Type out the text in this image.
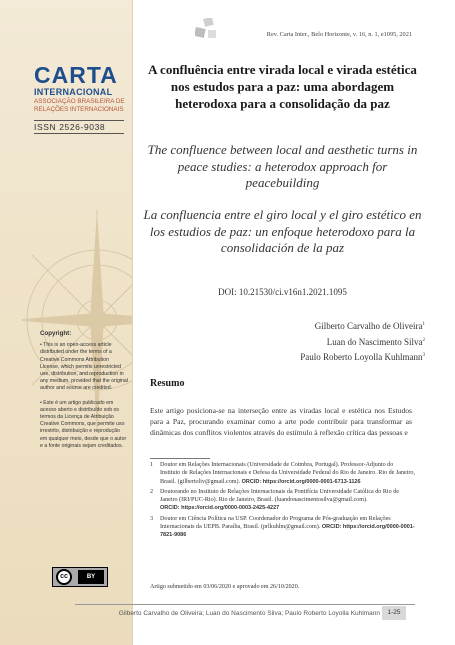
CARTA
INTERNACIONAL
ASSOCIAÇÃO BRASILEIRA DE RELAÇÕES INTERNACIONAIS
ISSN 2526-9038
Copyright:

• This is an open-access article distributed under the terms of a Creative Commons Attribution License, which permits unrestricted use, distribution, and reproduction in any medium, provided that the original author and source are credited.

• Este é um artigo publicado em acesso aberto e distribuído sob os termos da Licença de Atribuição Creative Commons, que permite uso irrestrito, distribuição e reprodução em qualquer meio, desde que o autor e a fonte originais sejam creditados.

cc	BY
Rev. Carta Inter., Belo Horizonte, v. 16, n. 1, e1095, 2021
A confluência entre virada local e virada estética nos estudos para a paz: uma abordagem heterodoxa para a consolidação da paz
The confluence between local and aesthetic turns in peace studies: a heterodox approach for peacebuilding
La confluencia entre el giro local y el giro estético en los estudios de paz: un enfoque heterodoxo para la consolidación de la paz
DOI: 10.21530/ci.v16n1.2021.1095
Gilberto Carvalho de Oliveira$^1$
Luan do Nascimento Silva$^2$
Paulo Roberto Loyolla Kuhlmann$^3$
Resumo
Este artigo posiciona-se na interseção entre as viradas local e estética nos Estudos para a Paz, procurando examinar como a arte pode contribuir para transformar as dinâmicas dos conflitos violentos através do estímulo à reflexão crítica das pessoas e
1	Doutor em Relações Internacionais (Universidade de Coimbra, Portugal). Professor-Adjunto do Instituto de Relações Internacionais e Defesa da Universidade Federal do Rio de Janeiro. Rio de Janeiro, Brasil. (gilbertoliv@gmail.com). ORCID: https://orcid.org/0000-0001-6713-1126
2	Doutorando no Instituto de Relações Internacionais da Pontifícia Universidade Católica do Rio de Janeiro (IRI/PUC-Rio). Rio de Janeiro, Brasil. (luandonascimentosilva@gmail.com).
ORCID: https://orcid.org/0000-0003-2425-4227
3	Doutor em Ciência Política na USP. Coordenador do Programa de Pós-graduação em Relações Internacionais da UEPB. Paraíba, Brasil. (prlkuhlm@gmail.com). ORCID: https://orcid.org/0000-0001-7821-9086
Artigo submetido em 03/06/2020 e aprovado em 26/10/2020.
Gilberto Carvalho de Oliveira; Luan do Nascimento Silva; Paulo Roberto Loyolla Kuhlmann	1-25
